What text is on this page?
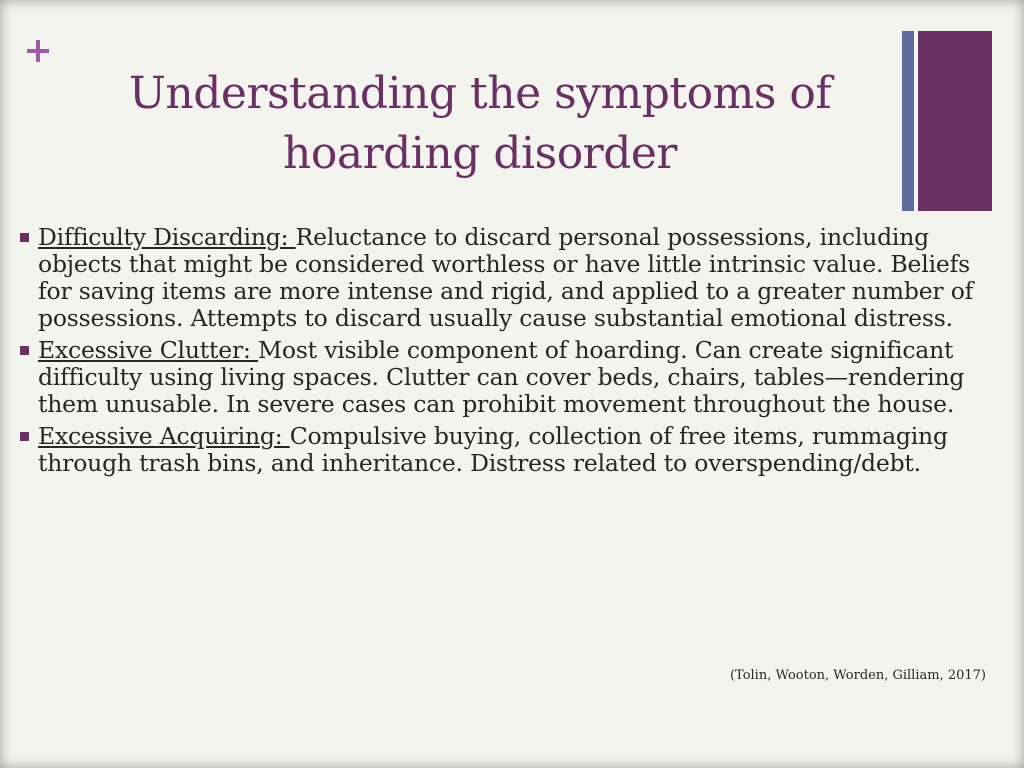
Understanding the symptoms of
hoarding disorder
Difficulty Discarding: Reluctance to discard personal possessions, including objects that might be considered worthless or have little intrinsic value. Beliefs for saving items are more intense and rigid, and applied to a greater number of possessions. Attempts to discard usually cause substantial emotional distress.
Excessive Clutter: Most visible component of hoarding. Can create significant difficulty using living spaces. Clutter can cover beds, chairs, tables—rendering them unusable. In severe cases can prohibit movement throughout the house.
Excessive Acquiring: Compulsive buying, collection of free items, rummaging through trash bins, and inheritance. Distress related to overspending/debt.
(Tolin, Wooton, Worden, Gilliam, 2017)
